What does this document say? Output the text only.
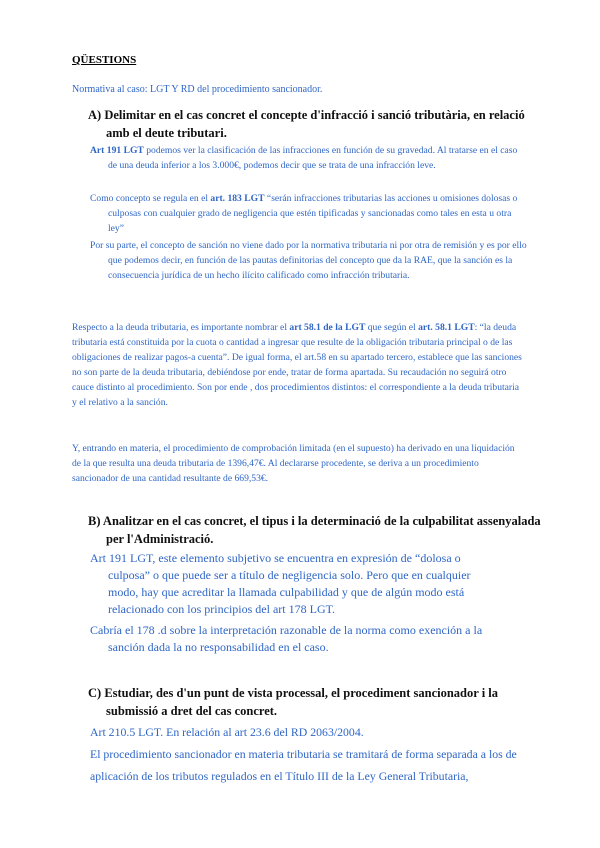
QÜESTIONS
Normativa al caso: LGT Y RD del procedimiento sancionador.
A) Delimitar en el cas concret el concepte d'infracció i sanció tributària, en relació amb el deute tributari.
Art 191 LGT podemos ver la clasificación de las infracciones en función de su gravedad. Al tratarse en el caso de una deuda inferior a los 3.000€, podemos decir que se trata de una infracción leve.
Como concepto se regula en el art. 183 LGT “serán infracciones tributarias las acciones u omisiones dolosas o culposas con cualquier grado de negligencia que estén tipificadas y sancionadas como tales en esta u otra ley”
Por su parte, el concepto de sanción no viene dado por la normativa tributaria ni por otra de remisión y es por ello que podemos decir, en función de las pautas definitorias del concepto que da la RAE, que la sanción es la consecuencia jurídica de un hecho ilícito calificado como infracción tributaria.
Respecto a la deuda tributaria, es importante nombrar el art 58.1 de la LGT que según el art. 58.1 LGT: “la deuda tributaria está constituida por la cuota o cantidad a ingresar que resulte de la obligación tributaria principal o de las obligaciones de realizar pagos-a cuenta”. De igual forma, el art.58 en su apartado tercero, establece que las sanciones no son parte de la deuda tributaria, debiéndose por ende, tratar de forma apartada. Su recaudación no seguirá otro cauce distinto al procedimiento. Son por ende , dos procedimientos distintos: el correspondiente a la deuda tributaria y el relativo a la sanción.
Y, entrando en materia, el procedimiento de comprobación limitada (en el supuesto) ha derivado en una liquidación de la que resulta una deuda tributaria de 1396,47€. Al declararse procedente, se deriva a un procedimiento sancionador de una cantidad resultante de 669,53€.
B) Analitzar en el cas concret, el tipus i la determinació de la culpabilitat assenyalada per l'Administració.
Art 191 LGT, este elemento subjetivo se encuentra en expresión de “dolosa o culposa” o que puede ser a título de negligencia solo. Pero que en cualquier modo, hay que acreditar la llamada culpabilidad y que de algún modo está relacionado con los principios del art 178 LGT.
Cabría el 178 .d sobre la interpretación razonable de la norma como exención a la sanción dada la no responsabilidad en el caso.
C) Estudiar, des d'un punt de vista processal, el procediment sancionador i la submissió a dret del cas concret.
Art 210.5 LGT. En relación al art 23.6 del RD 2063/2004.
El procedimiento sancionador en materia tributaria se tramitará de forma separada a los de aplicación de los tributos regulados en el Título III de la Ley General Tributaria,
